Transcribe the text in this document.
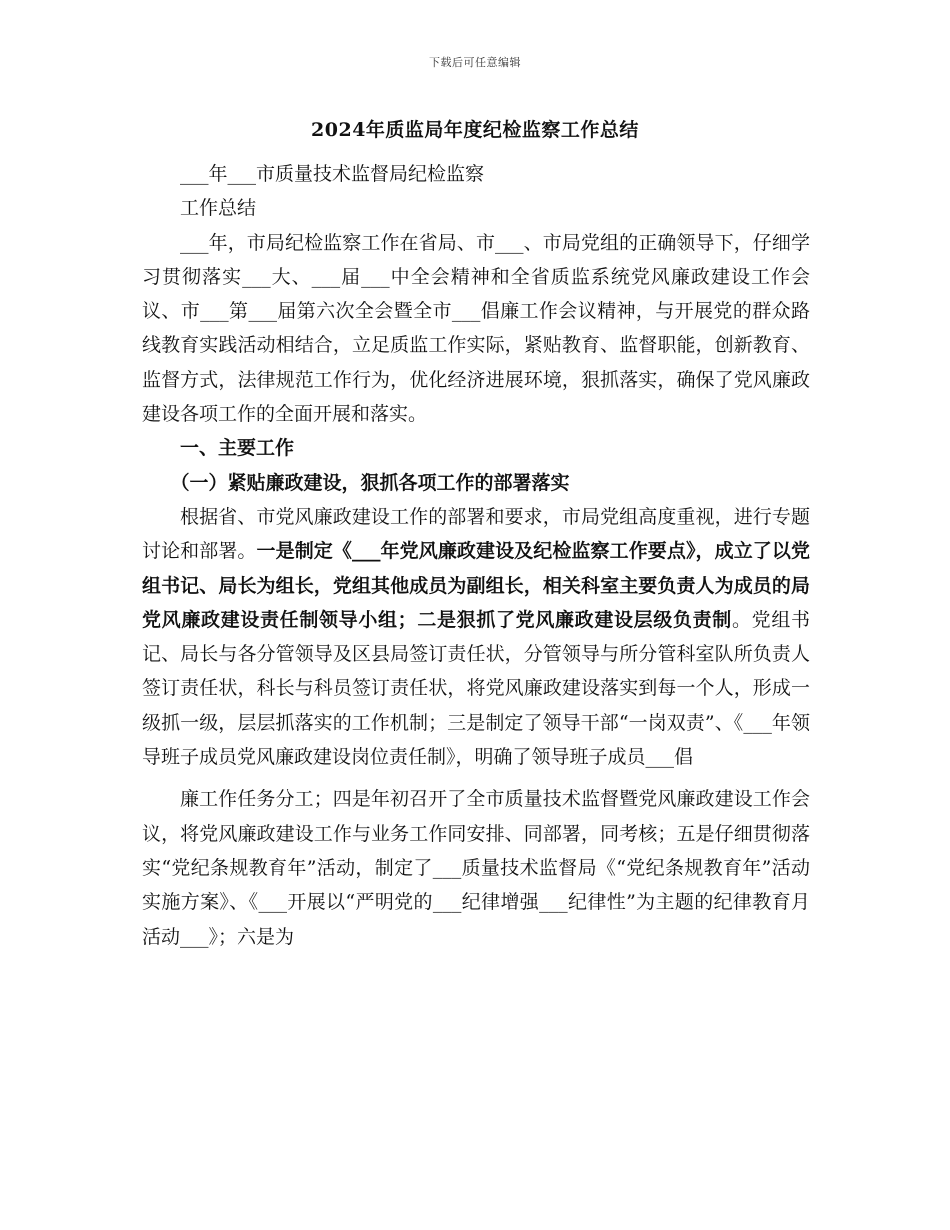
下载后可任意编辑
2024年质监局年度纪检监察工作总结

___年___市质量技术监督局纪检监察

工作总结

___年，市局纪检监察工作在省局、市___、市局党组的正确领导下，仔细学习贯彻落实___大、___届___中全会精神和全省质监系统党风廉政建设工作会议、市___第___届第六次全会暨全市___倡廉工作会议精神，与开展党的群众路线教育实践活动相结合，立足质监工作实际，紧贴教育、监督职能，创新教育、监督方式，法律规范工作行为，优化经济进展环境，狠抓落实，确保了党风廉政建设各项工作的全面开展和落实。

一、主要工作

（一）紧贴廉政建设，狠抓各项工作的部署落实

根据省、市党风廉政建设工作的部署和要求，市局党组高度重视，进行专题讨论和部署。一是制定《___年党风廉政建设及纪检监察工作要点》，成立了以党组书记、局长为组长，党组其他成员为副组长，相关科室主要负责人为成员的局党风廉政建设责任制领导小组；二是狠抓了党风廉政建设层级负责制。党组书记、局长与各分管领导及区县局签订责任状，分管领导与所分管科室队所负责人签订责任状，科长与科员签订责任状，将党风廉政建设落实到每一个人，形成一级抓一级，层层抓落实的工作机制；三是制定了领导干部“一岗双责”、《___年领导班子成员党风廉政建设岗位责任制》，明确了领导班子成员___倡

廉工作任务分工；四是年初召开了全市质量技术监督暨党风廉政建设工作会议，将党风廉政建设工作与业务工作同安排、同部署，同考核；五是仔细贯彻落实“党纪条规教育年”活动，制定了___质量技术监督局《“党纪条规教育年”活动实施方案》、《___开展以“严明党的___纪律增强___纪律性”为主题的纪律教育月活动___》；六是为
